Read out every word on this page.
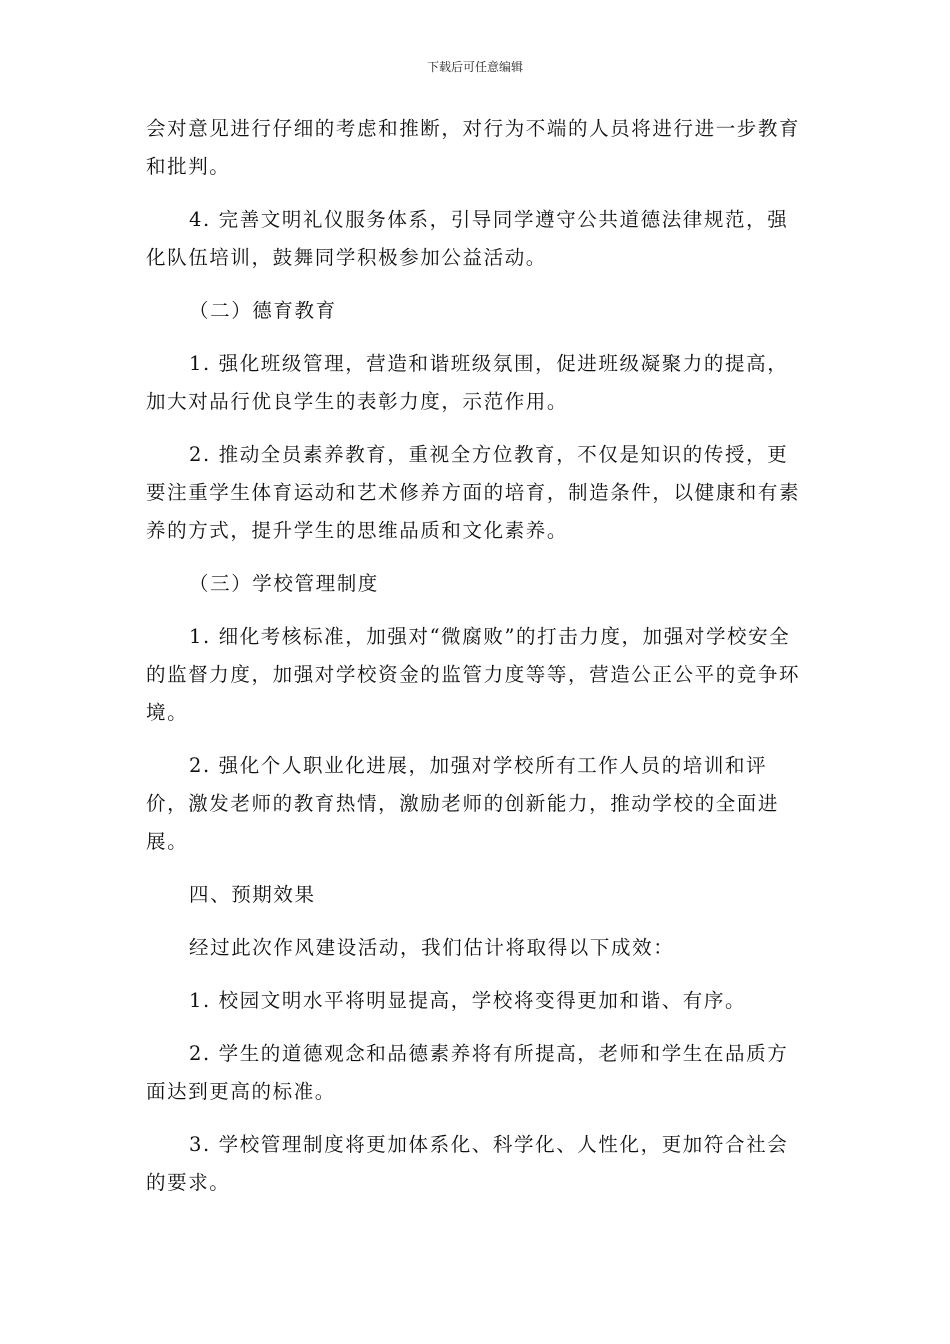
下载后可任意编辑

会对意见进行仔细的考虑和推断，对行为不端的人员将进行进一步教育和批判。

4. 完善文明礼仪服务体系，引导同学遵守公共道德法律规范，强化队伍培训，鼓舞同学积极参加公益活动。

（二）德育教育

1. 强化班级管理，营造和谐班级氛围，促进班级凝聚力的提高，加大对品行优良学生的表彰力度，示范作用。

2. 推动全员素养教育，重视全方位教育，不仅是知识的传授，更要注重学生体育运动和艺术修养方面的培育，制造条件，以健康和有素养的方式，提升学生的思维品质和文化素养。

（三）学校管理制度

1. 细化考核标准，加强对“微腐败”的打击力度，加强对学校安全的监督力度，加强对学校资金的监管力度等等，营造公正公平的竞争环境。

2. 强化个人职业化进展，加强对学校所有工作人员的培训和评价，激发老师的教育热情，激励老师的创新能力，推动学校的全面进展。

四、预期效果

经过此次作风建设活动，我们估计将取得以下成效：

1. 校园文明水平将明显提高，学校将变得更加和谐、有序。

2. 学生的道德观念和品德素养将有所提高，老师和学生在品质方面达到更高的标准。

3. 学校管理制度将更加体系化、科学化、人性化，更加符合社会的要求。
